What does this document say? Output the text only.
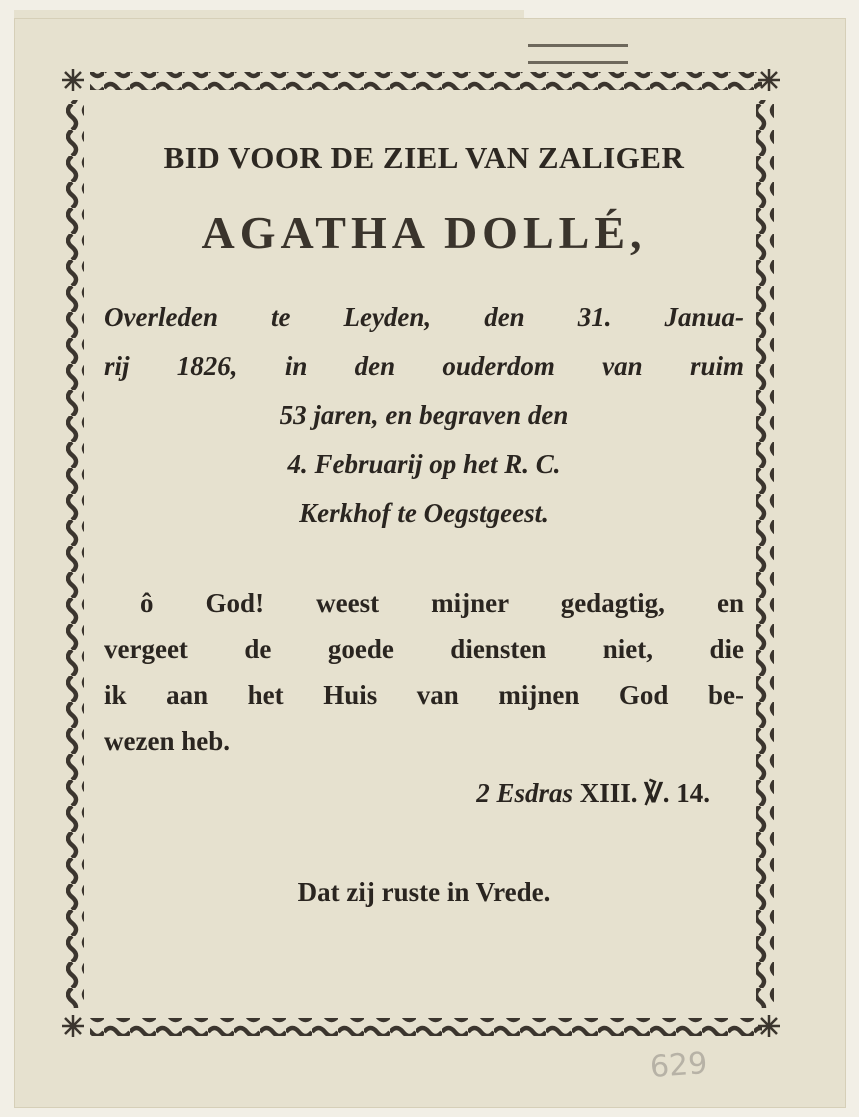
BID VOOR DE ZIEL VAN ZALIGER
AGATHA DOLLÉ,
Overleden te Leyden, den 31. Janua-
rij 1826, in den ouderdom van ruim
53 jaren, en begraven den
4. Februarij op het R. C.
Kerkhof te Oegstgeest.
ô God! weest mijner gedagtig, en
vergeet de goede diensten niet, die
ik aan het Huis van mijnen God be-
wezen heb.

2 Esdras XIII. ℣. 14.

Dat zij ruste in Vrede.

629
